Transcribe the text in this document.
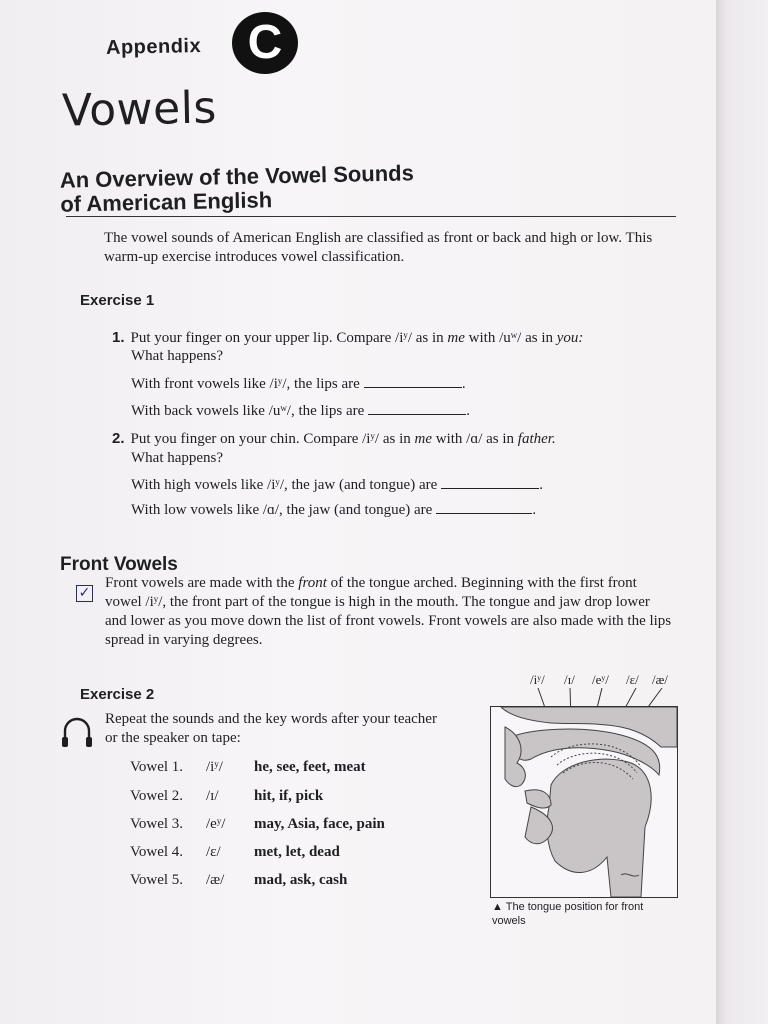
Appendix C
Vowels
An Overview of the Vowel Sounds
of American English
The vowel sounds of American English are classified as front or back and high or low. This warm-up exercise introduces vowel classification.
Exercise 1
1. Put your finger on your upper lip. Compare /iʸ/ as in me with /uʷ/ as in you:
What happens?
With front vowels like /iʸ/, the lips are	.
With back vowels like /uʷ/, the lips are	.
2. Put you finger on your chin. Compare /iʸ/ as in me with /ɑ/ as in father.
What happens?
With high vowels like /iʸ/, the jaw (and tongue) are	.
With low vowels like /ɑ/, the jaw (and tongue) are	.
Front Vowels
✓
Front vowels are made with the front of the tongue arched. Beginning with the first front vowel /iʸ/, the front part of the tongue is high in the mouth. The tongue and jaw drop lower and lower as you move down the list of front vowels. Front vowels are also made with the lips spread in varying degrees.
Exercise 2
Repeat the sounds and the key words after your teacher or the speaker on tape:
Vowel 1. /iʸ/ he, see, feet, meat
Vowel 2. /ɪ/ hit, if, pick
Vowel 3. /eʸ/ may, Asia, face, pain
Vowel 4. /ɛ/ met, let, dead
Vowel 5. /æ/ mad, ask, cash
/iʸ/ /ɪ/ /eʸ/ /ɛ/ /æ/
▲ The tongue position for front vowels
